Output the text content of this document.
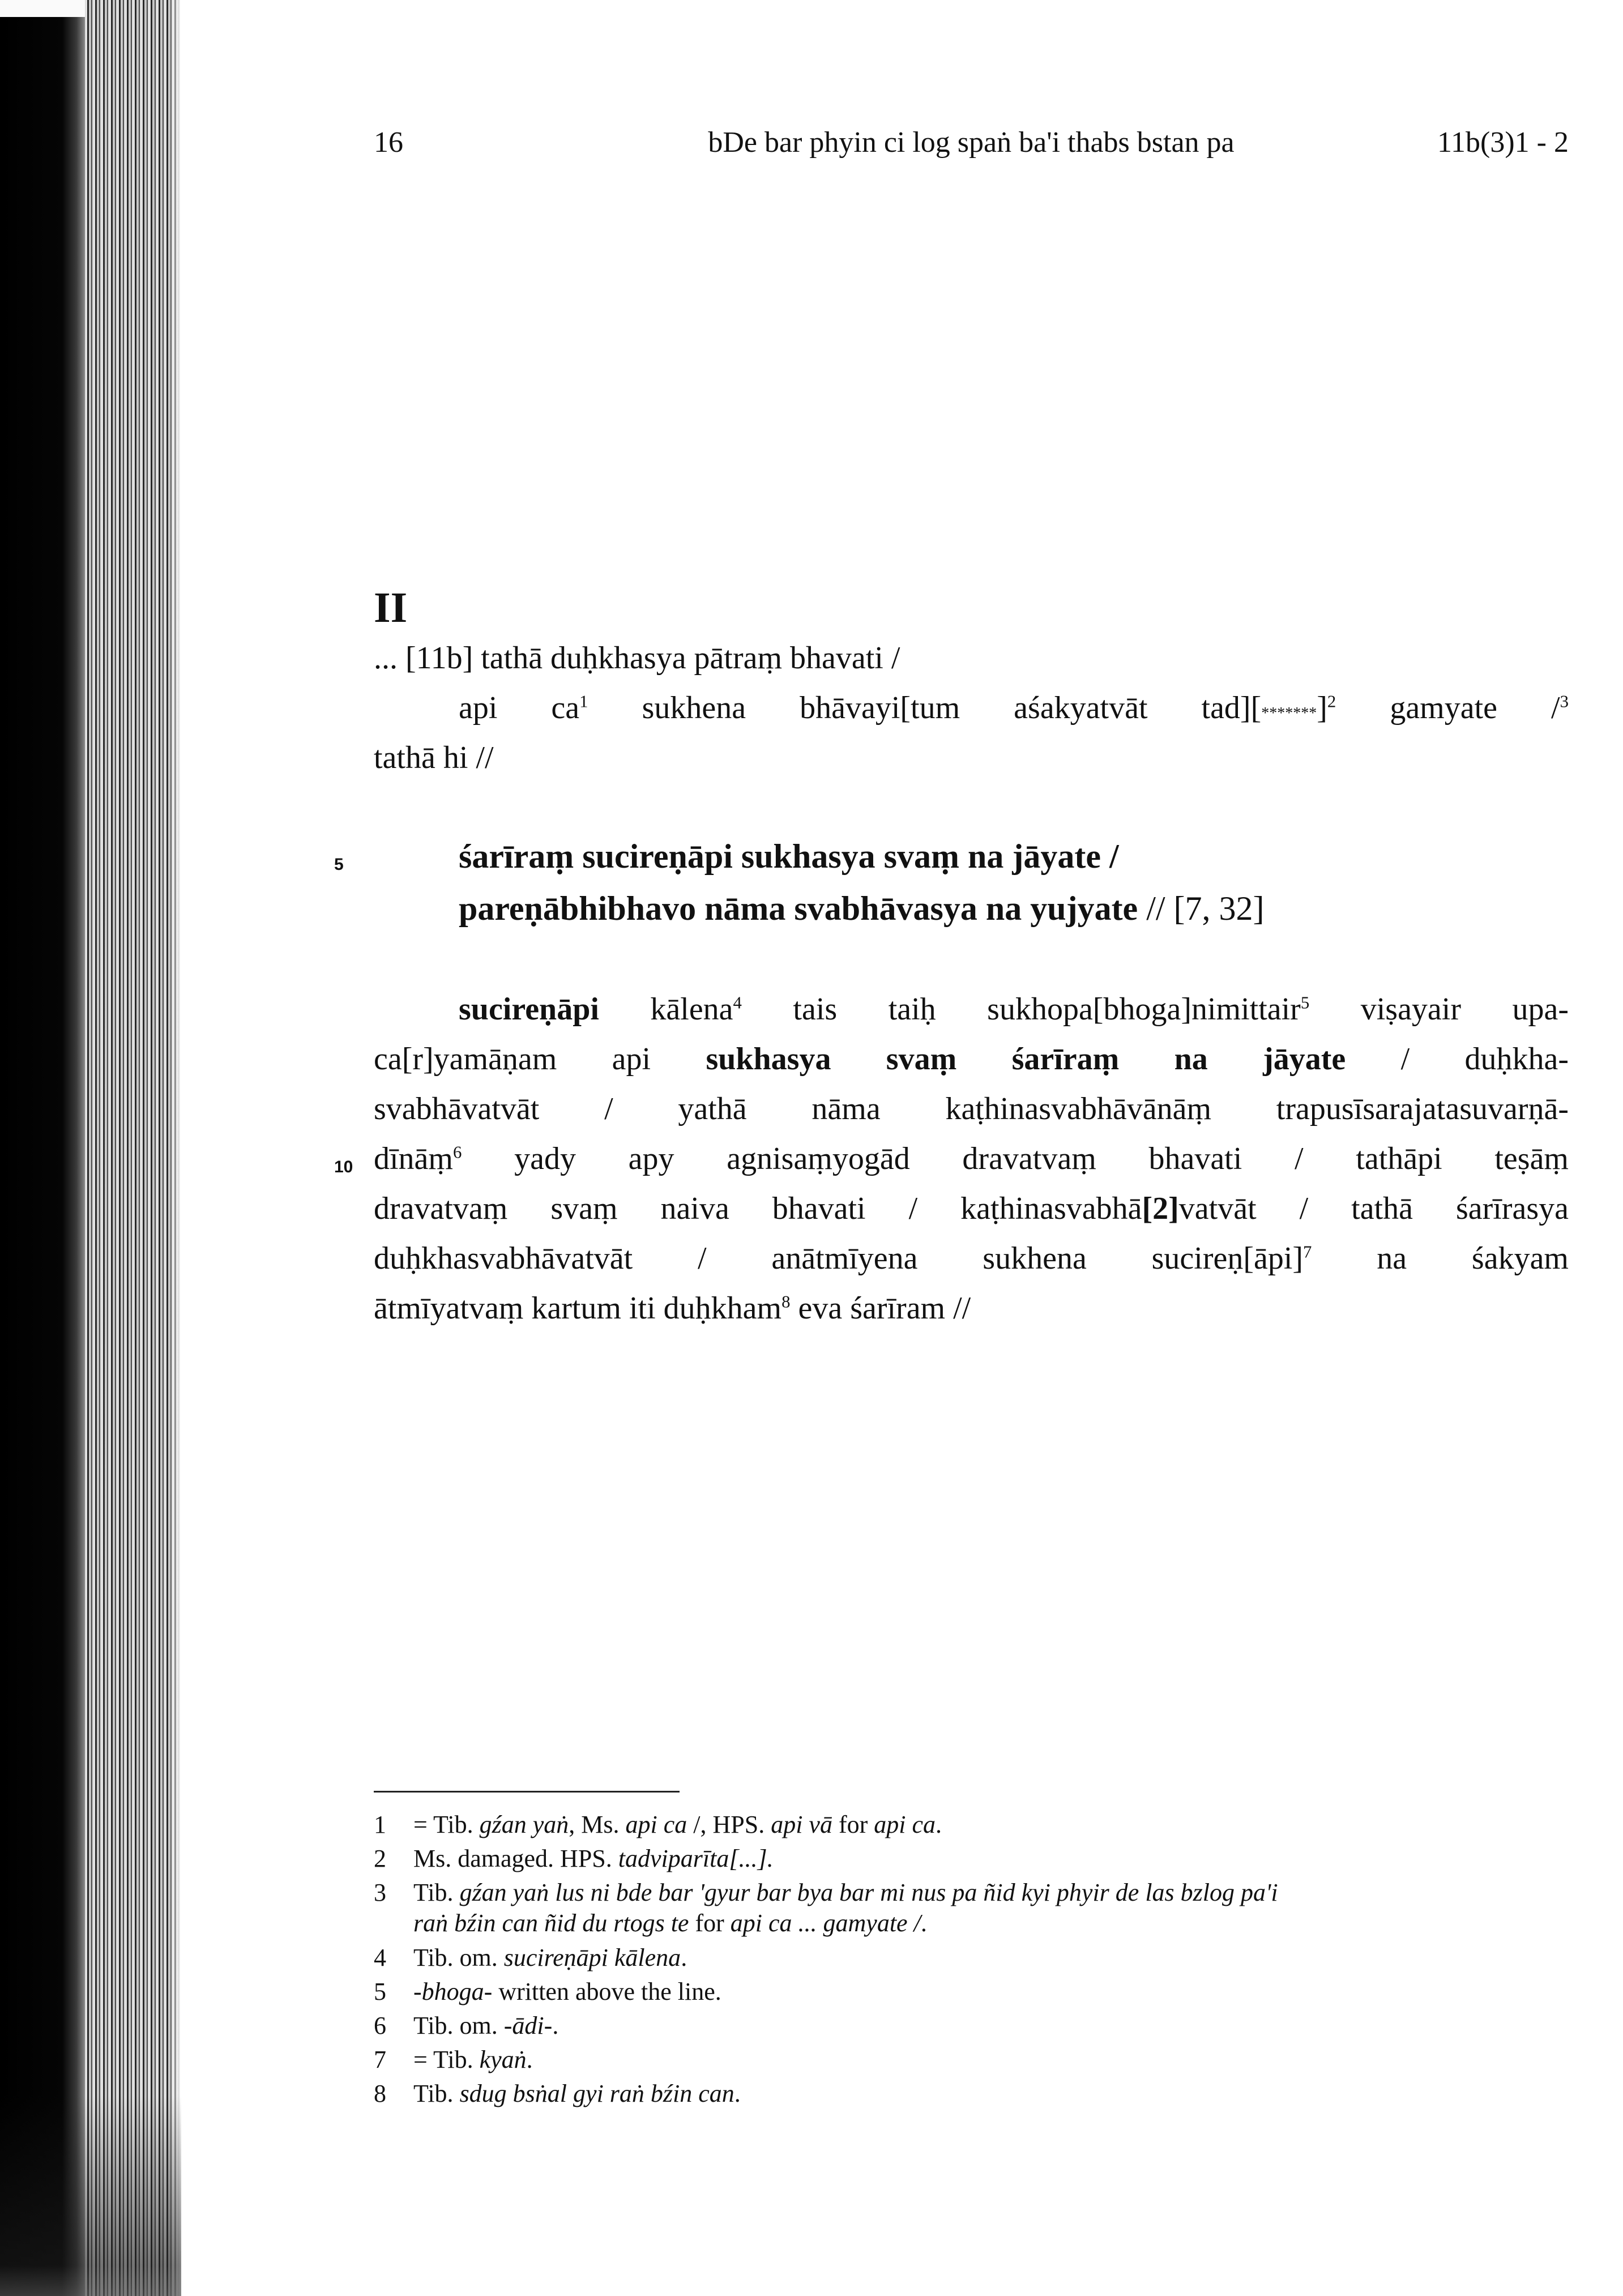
16	bDe bar phyin ci log spaṅ ba'i thabs bstan pa	11b(3)1 - 2
II
... [11b] tathā duḥkhasya pātraṃ bhavati /
api $ca^1$ sukhena bhāvayi[tum aśakyatvāt $tad][*******]^2$ gamyate /$^3$
tathā hi //
5	śarīraṃ sucireṇāpi sukhasya svaṃ na jāyate /
pareṇābhibhavo nāma svabhāvasya na yujyate // [7, 32]
sucireṇāpi kālena$^4$ tais taiḥ sukhopa[bhoga]nimittair$^5$ viṣayair upa-
ca[r]yamāṇam api sukhasya svaṃ śarīraṃ na jāyate / duḥkha-
svabhāvatvāt / yathā nāma kaṭhinasvabhāvānāṃ trapusīsarajatasuvarṇā-
10 dīnāṃ$^6$ yady apy agnisaṃyogād dravatvaṃ bhavati / tathāpi teṣāṃ
dravatvaṃ svaṃ naiva bhavati / kaṭhinasvabhā[2]vatvāt / tathā śarīrasya
duḥkhasvabhāvatvāt / anātmīyena sukhena sucireṇ[āpi]$^7$ na śakyam
ātmīyatvaṃ kartum iti duḥkham$^8$ eva śarīram //
1	= Tib. gźan yaṅ, Ms. api ca /, HPS. api vā for api ca.
2	Ms. damaged. HPS. tadviparīta[...].
3	Tib. gźan yaṅ lus ni bde bar 'gyur bar bya bar mi nus pa ñid kyi phyir de las bzlog pa'i
raṅ bźin can ñid du rtogs te for api ca ... gamyate /.
4	Tib. om. sucireṇāpi kālena.
5	-bhoga- written above the line.
6	Tib. om. -ādi-.
7	= Tib. kyaṅ.
8	Tib. sdug bsṅal gyi raṅ bźin can.
